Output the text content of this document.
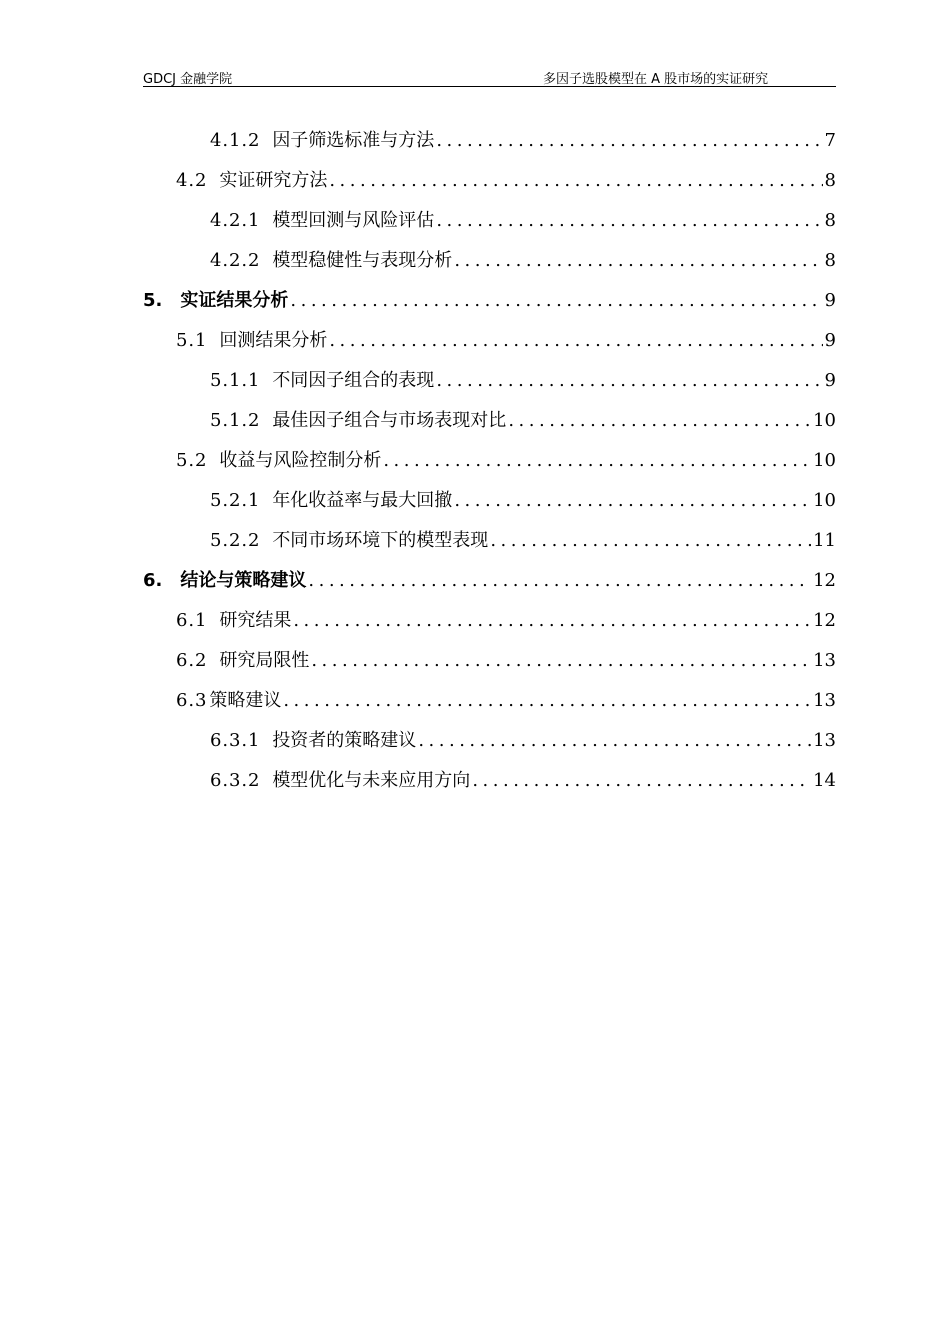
GDCJ 金融学院	多因子选股模型在 A 股市场的实证研究
4.1.2 因子筛选标准与方法 .....	7
4.2 实证研究方法 .....	8
4.2.1 模型回测与风险评估 .....	8
4.2.2 模型稳健性与表现分析 .....	8
5. 实证结果分析 .....	9
5.1 回测结果分析 .....	9
5.1.1 不同因子组合的表现 .....	9
5.1.2 最佳因子组合与市场表现对比 .....	10
5.2 收益与风险控制分析 .....	10
5.2.1 年化收益率与最大回撤 .....	10
5.2.2 不同市场环境下的模型表现 .....	11
6. 结论与策略建议 .....	12
6.1 研究结果 .....	12
6.2 研究局限性 .....	13
6.3 策略建议 .....	13
6.3.1 投资者的策略建议 .....	13
6.3.2 模型优化与未来应用方向 .....	14
